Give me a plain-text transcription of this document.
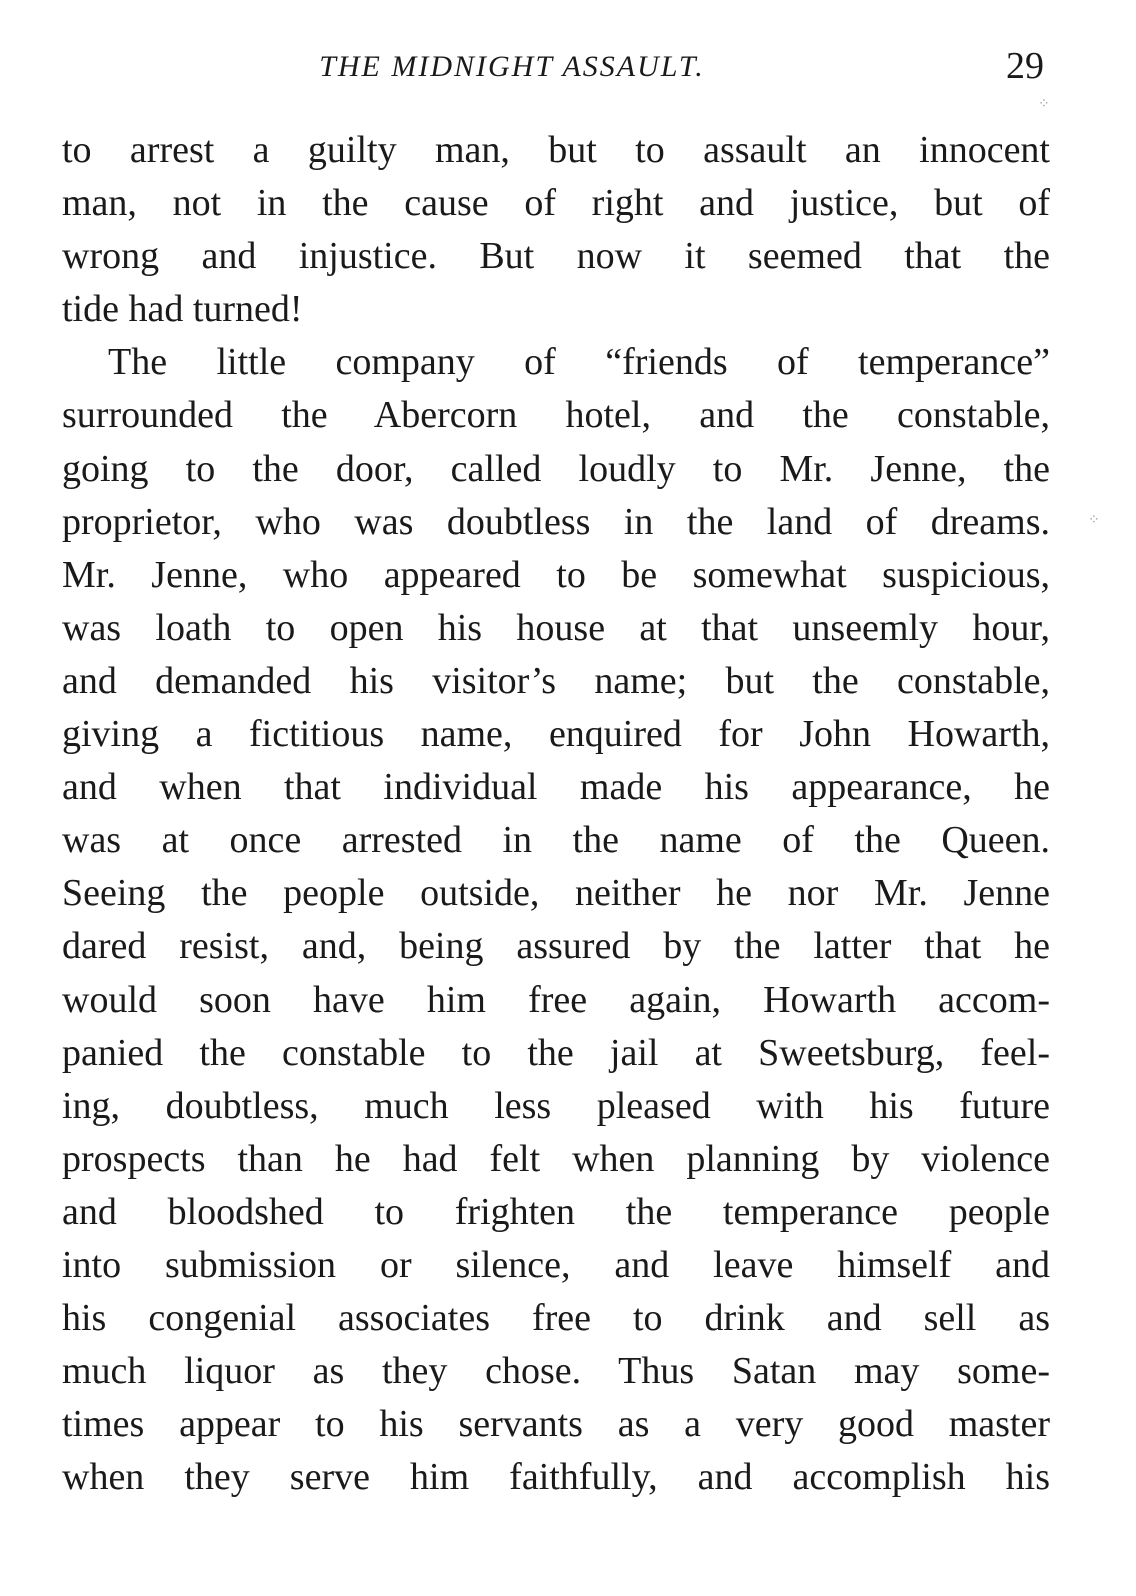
THE MIDNIGHT ASSAULT.	29
to arrest a guilty man, but to assault an innocent
man, not in the cause of right and justice, but of
wrong and injustice. But now it seemed that the
tide had turned!
The little company of “friends of temperance”
surrounded the Abercorn hotel, and the constable,
going to the door, called loudly to Mr. Jenne, the
proprietor, who was doubtless in the land of dreams.
Mr. Jenne, who appeared to be somewhat suspicious,
was loath to open his house at that unseemly hour,
and demanded his visitor’s name; but the constable,
giving a fictitious name, enquired for John Howarth,
and when that individual made his appearance, he
was at once arrested in the name of the Queen.
Seeing the people outside, neither he nor Mr. Jenne
dared resist, and, being assured by the latter that he
would soon have him free again, Howarth accom-
panied the constable to the jail at Sweetsburg, feel-
ing, doubtless, much less pleased with his future
prospects than he had felt when planning by violence
and bloodshed to frighten the temperance people
into submission or silence, and leave himself and
his congenial associates free to drink and sell as
much liquor as they chose. Thus Satan may some-
times appear to his servants as a very good master
when they serve him faithfully, and accomplish his
⁘
⁘
